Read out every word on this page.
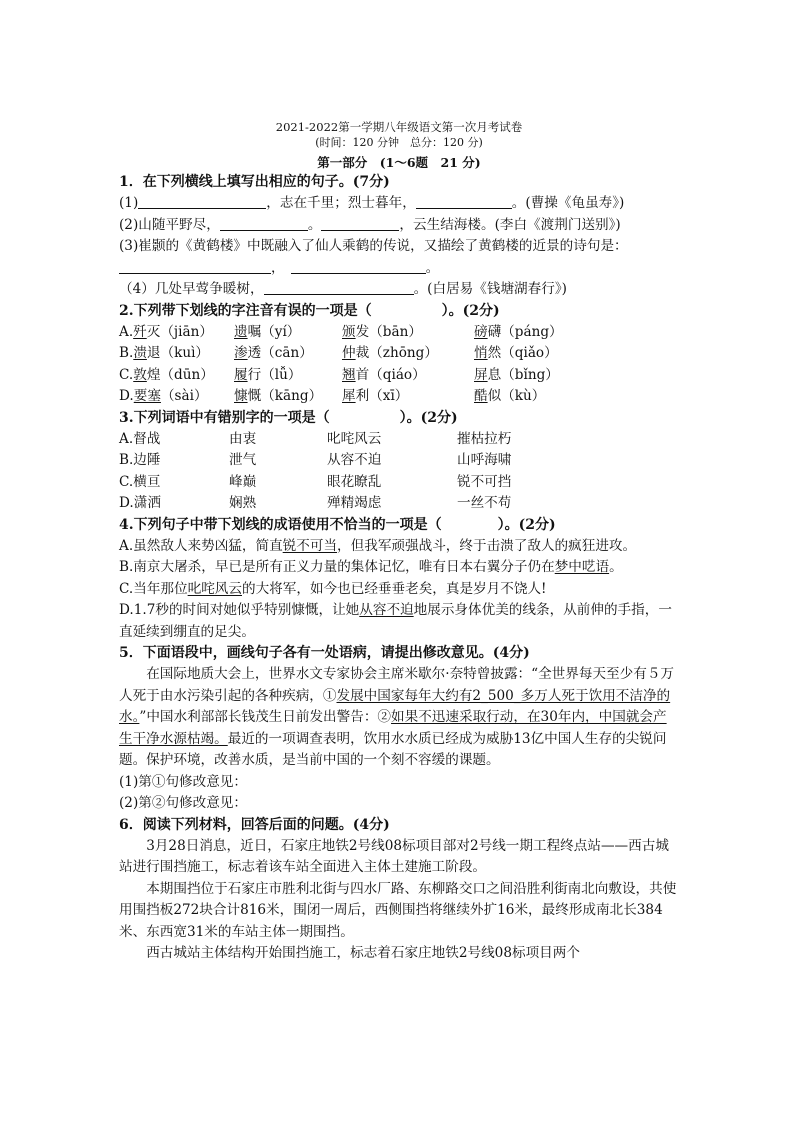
2021-2022第一学期八年级语文第一次月考试卷
(时间：120 分钟　总分：120 分)
第一部分　(1～6题　21 分)
1．在下列横线上填写出相应的句子。(7分)
(1)	，志在千里；烈士暮年，	。(曹操《龟虽寿》)
(2)山随平野尽，	。	，云生结海楼。(李白《渡荆门送别》)
(3)崔颢的《黄鹤楼》中既融入了仙人乘鹤的传说，又描绘了黄鹤楼的近景的诗句是：，	。
（4）几处早莺争暖树，	。(白居易《钱塘湖春行》)
2.下列带下划线的字注音有误的一项是（　　　　　）。(2分)
A.歼灭（jiān）	遗嘱（yí）	颁发（bān）	磅礴（páng）
B.溃退（kuì）	渗透（cān）	仲裁（zhōng）	悄然（qiǎo）
C.敦煌（dūn）	履行（lǚ）	翘首（qiáo）	屏息（bǐng）
D.要塞（sài）	慷慨（kāng）	犀利（xī）	酷似（kù）
3.下列词语中有错别字的一项是（　　　　　）。(2分)
A.督战	由衷	叱咤风云	摧枯拉朽
B.边陲	泄气	从容不迫	山呼海啸
C.横亘	峰巅	眼花瞭乱	锐不可挡
D.潇洒	娴熟	殚精竭虑	一丝不苟
4.下列句子中带下划线的成语使用不恰当的一项是（　　　　）。(2分)
A.虽然敌人来势凶猛，简直锐不可当，但我军顽强战斗，终于击溃了敌人的疯狂进攻。
B.南京大屠杀，早已是所有正义力量的集体记忆，唯有日本右翼分子仍在梦中呓语。
C.当年那位叱咤风云的大将军，如今也已经垂垂老矣，真是岁月不饶人!
D.1.7秒的时间对她似乎特别慷慨，让她从容不迫地展示身体优美的线条，从前伸的手指，一直延续到绷直的足尖。
5．下面语段中，画线句子各有一处语病，请提出修改意见。(4分)
在国际地质大会上，世界水文专家协会主席米歇尔·奈特曾披露：“全世界每天至少有５万人死于由水污染引起的各种疾病，①发展中国家每年大约有2_500_多万人死于饮用不洁净的水。”中国水利部部长钱茂生日前发出警告：②如果不迅速采取行动，在30年内，中国就会产生干净水源枯竭。最近的一项调查表明，饮用水水质已经成为威胁13亿中国人生存的尖锐问题。保护环境，改善水质，是当前中国的一个刻不容缓的课题。
(1)第①句修改意见：
(2)第②句修改意见：
6．阅读下列材料，回答后面的问题。(4分)
3月28日消息，近日，石家庄地铁2号线08标项目部对2号线一期工程终点站——西古城站进行围挡施工，标志着该车站全面进入主体土建施工阶段。
本期围挡位于石家庄市胜利北街与四水厂路、东柳路交口之间沿胜利街南北向敷设，共使用围挡板272块合计816米，围闭一周后，西侧围挡将继续外扩16米，最终形成南北长384米、东西宽31米的车站主体一期围挡。
西古城站主体结构开始围挡施工，标志着石家庄地铁2号线08标项目两个
